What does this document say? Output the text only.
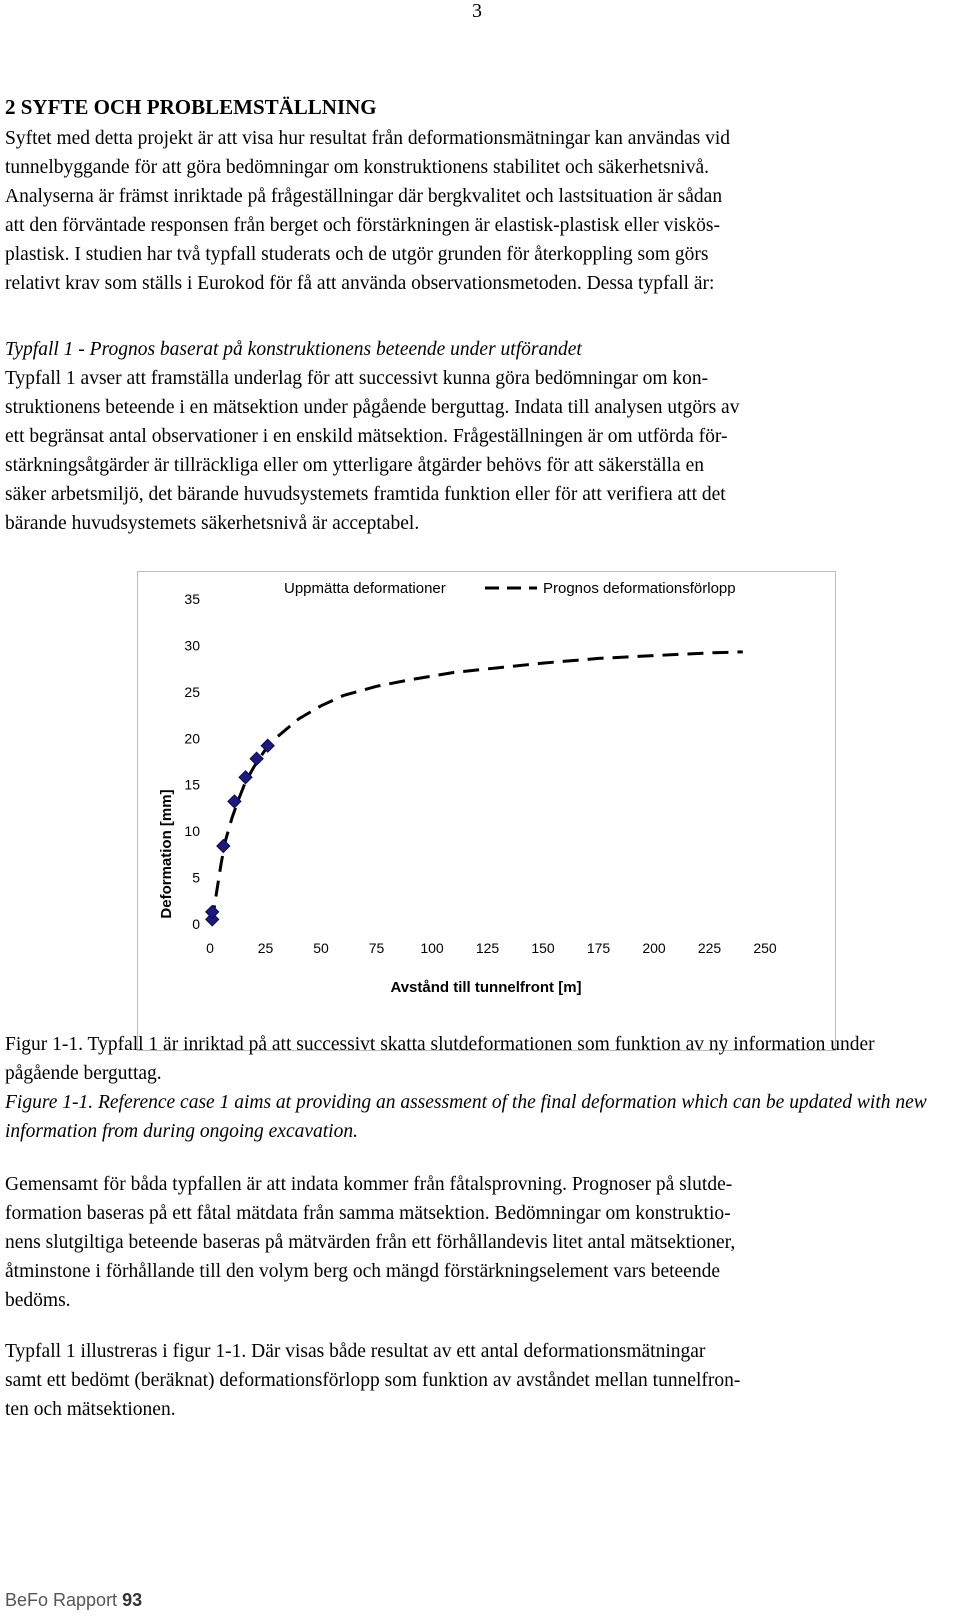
3
2 SYFTE OCH PROBLEMSTÄLLNING

Syftet med detta projekt är att visa hur resultat från deformationsmätningar kan användas vid

tunnelbyggande för att göra bedömningar om konstruktionens stabilitet och säkerhetsnivå.

Analyserna är främst inriktade på frågeställningar där bergkvalitet och lastsituation är sådan

att den förväntade responsen från berget och förstärkningen är elastisk-plastisk eller viskös-

plastisk. I studien har två typfall studerats och de utgör grunden för återkoppling som görs

relativt krav som ställs i Eurokod för få att använda observationsmetoden. Dessa typfall är:

Typfall 1 - Prognos baserat på konstruktionens beteende under utförandet

Typfall 1 avser att framställa underlag för att successivt kunna göra bedömningar om kon-

struktionens beteende i en mätsektion under pågående berguttag. Indata till analysen utgörs av

ett begränsat antal observationer i en enskild mätsektion. Frågeställningen är om utförda för-

stärkningsåtgärder är tillräckliga eller om ytterligare åtgärder behövs för att säkerställa en

säker arbetsmiljö, det bärande huvudsystemets framtida funktion eller för att verifiera att det

bärande huvudsystemets säkerhetsnivå är acceptabel.

Uppmätta deformationer	Prognos deformationsförlopp
Deformation [mm]
Avstånd till tunnelfront [m]
0
5
10
15
20
25
30
35
0	25	50	75	100 125 150 175 200 225 250

Figur 1-1. Typfall 1 är inriktad på att successivt skatta slutdeformationen som funktion av ny information under pågående berguttag.

Figure 1-1. Reference case 1 aims at providing an assessment of the final deformation which can be updated with new information from during ongoing excavation.

Gemensamt för båda typfallen är att indata kommer från fåtalsprovning. Prognoser på slutde-

formation baseras på ett fåtal mätdata från samma mätsektion. Bedömningar om konstruktio-

nens slutgiltiga beteende baseras på mätvärden från ett förhållandevis litet antal mätsektioner,

åtminstone i förhållande till den volym berg och mängd förstärkningselement vars beteende

bedöms.

Typfall 1 illustreras i figur 1-1. Där visas både resultat av ett antal deformationsmätningar

samt ett bedömt (beräknat) deformationsförlopp som funktion av avståndet mellan tunnelfron-

ten och mätsektionen.

BeFo Rapport 93
